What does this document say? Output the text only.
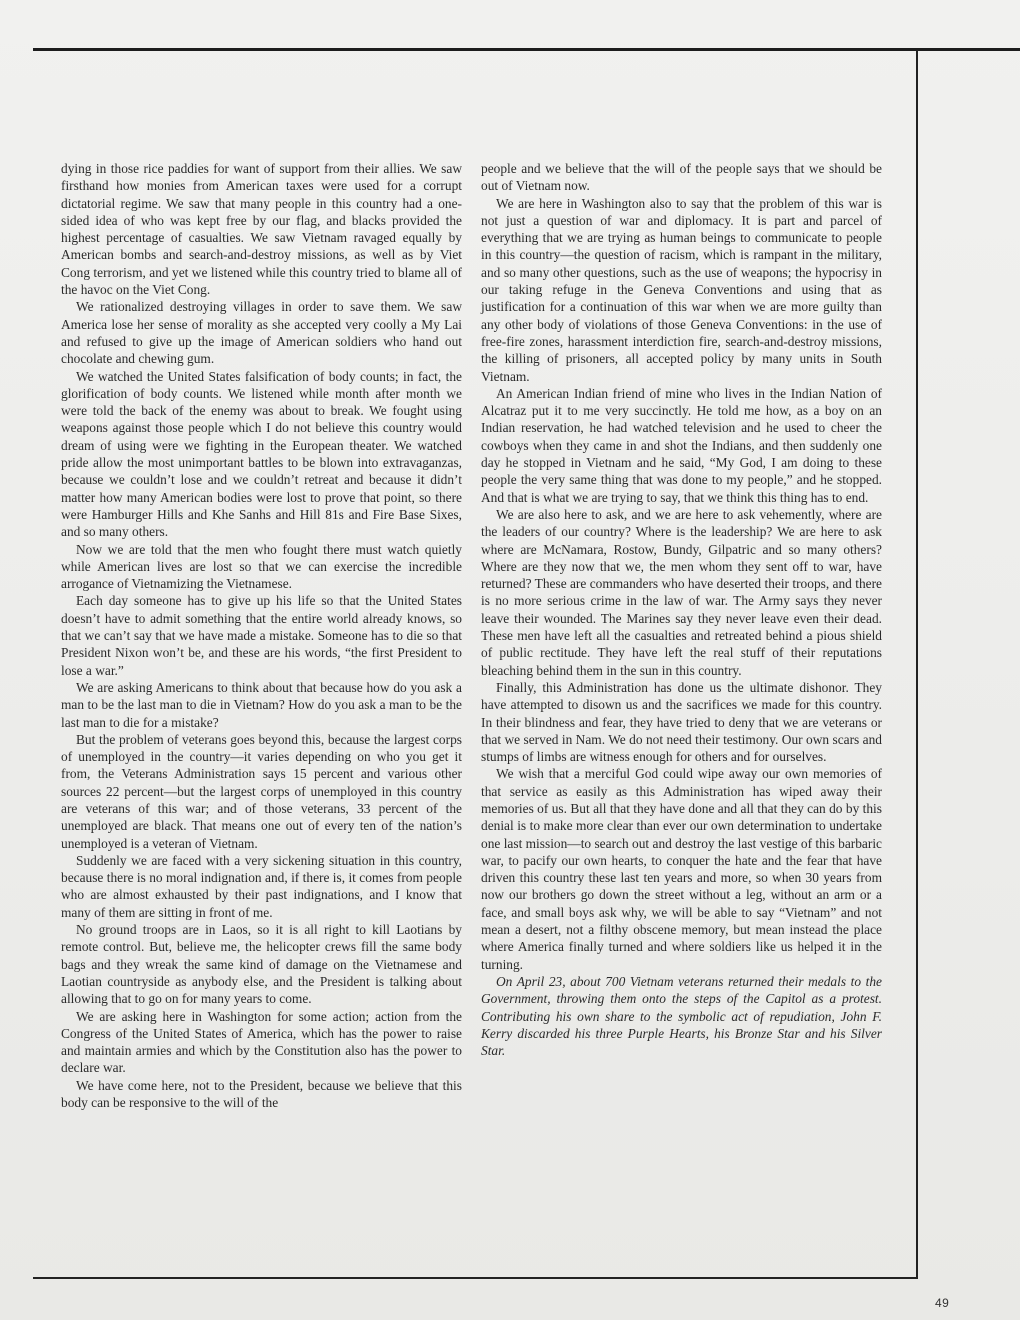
dying in those rice paddies for want of support from their allies. We saw firsthand how monies from American taxes were used for a corrupt dictatorial regime. We saw that many people in this country had a one-sided idea of who was kept free by our flag, and blacks provided the highest percentage of casualties. We saw Vietnam ravaged equally by American bombs and search-and-destroy missions, as well as by Viet Cong terrorism, and yet we listened while this country tried to blame all of the havoc on the Viet Cong.

We rationalized destroying villages in order to save them. We saw America lose her sense of morality as she accepted very coolly a My Lai and refused to give up the image of American soldiers who hand out chocolate and chewing gum.

We watched the United States falsification of body counts; in fact, the glorification of body counts. We listened while month after month we were told the back of the enemy was about to break. We fought using weapons against those people which I do not believe this country would dream of using were we fighting in the European theater. We watched pride allow the most unimportant battles to be blown into extravaganzas, because we couldn’t lose and we couldn’t retreat and because it didn’t matter how many American bodies were lost to prove that point, so there were Hamburger Hills and Khe Sanhs and Hill 81s and Fire Base Sixes, and so many others.

Now we are told that the men who fought there must watch quietly while American lives are lost so that we can exercise the incredible arrogance of Vietnamizing the Vietnamese.

Each day someone has to give up his life so that the United States doesn’t have to admit something that the entire world already knows, so that we can’t say that we have made a mistake. Someone has to die so that President Nixon won’t be, and these are his words, “the first President to lose a war.”

We are asking Americans to think about that because how do you ask a man to be the last man to die in Vietnam? How do you ask a man to be the last man to die for a mistake?

But the problem of veterans goes beyond this, because the largest corps of unemployed in the country—it varies depending on who you get it from, the Veterans Administration says 15 percent and various other sources 22 percent—but the largest corps of unemployed in this country are veterans of this war; and of those veterans, 33 percent of the unemployed are black. That means one out of every ten of the nation’s unemployed is a veteran of Vietnam.

Suddenly we are faced with a very sickening situation in this country, because there is no moral indignation and, if there is, it comes from people who are almost exhausted by their past indignations, and I know that many of them are sitting in front of me.

No ground troops are in Laos, so it is all right to kill Laotians by remote control. But, believe me, the helicopter crews fill the same body bags and they wreak the same kind of damage on the Vietnamese and Laotian countryside as anybody else, and the President is talking about allowing that to go on for many years to come.

We are asking here in Washington for some action; action from the Congress of the United States of America, which has the power to raise and maintain armies and which by the Constitution also has the power to declare war.

We have come here, not to the President, because we believe that this body can be responsive to the will of the

people and we believe that the will of the people says that we should be out of Vietnam now.

We are here in Washington also to say that the problem of this war is not just a question of war and diplomacy. It is part and parcel of everything that we are trying as human beings to communicate to people in this country—the question of racism, which is rampant in the military, and so many other questions, such as the use of weapons; the hypocrisy in our taking refuge in the Geneva Conventions and using that as justification for a continuation of this war when we are more guilty than any other body of violations of those Geneva Conventions: in the use of free-fire zones, harassment interdiction fire, search-and-destroy missions, the killing of prisoners, all accepted policy by many units in South Vietnam.

An American Indian friend of mine who lives in the Indian Nation of Alcatraz put it to me very succinctly. He told me how, as a boy on an Indian reservation, he had watched television and he used to cheer the cowboys when they came in and shot the Indians, and then suddenly one day he stopped in Vietnam and he said, “My God, I am doing to these people the very same thing that was done to my people,” and he stopped. And that is what we are trying to say, that we think this thing has to end.

We are also here to ask, and we are here to ask vehemently, where are the leaders of our country? Where is the leadership? We are here to ask where are McNamara, Rostow, Bundy, Gilpatric and so many others? Where are they now that we, the men whom they sent off to war, have returned? These are commanders who have deserted their troops, and there is no more serious crime in the law of war. The Army says they never leave their wounded. The Marines say they never leave even their dead. These men have left all the casualties and retreated behind a pious shield of public rectitude. They have left the real stuff of their reputations bleaching behind them in the sun in this country.

Finally, this Administration has done us the ultimate dishonor. They have attempted to disown us and the sacrifices we made for this country. In their blindness and fear, they have tried to deny that we are veterans or that we served in Nam. We do not need their testimony. Our own scars and stumps of limbs are witness enough for others and for ourselves.

We wish that a merciful God could wipe away our own memories of that service as easily as this Administration has wiped away their memories of us. But all that they have done and all that they can do by this denial is to make more clear than ever our own determination to undertake one last mission—to search out and destroy the last vestige of this barbaric war, to pacify our own hearts, to conquer the hate and the fear that have driven this country these last ten years and more, so when 30 years from now our brothers go down the street without a leg, without an arm or a face, and small boys ask why, we will be able to say “Vietnam” and not mean a desert, not a filthy obscene memory, but mean instead the place where America finally turned and where soldiers like us helped it in the turning.

On April 23, about 700 Vietnam veterans returned their medals to the Government, throwing them onto the steps of the Capitol as a protest. Contributing his own share to the symbolic act of repudiation, John F. Kerry discarded his three Purple Hearts, his Bronze Star and his Silver Star.

49
